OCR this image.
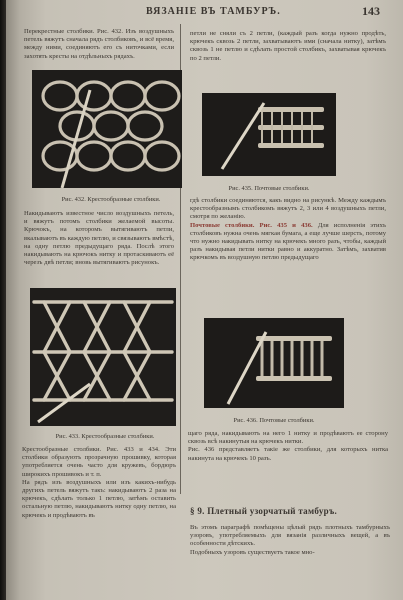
ВЯЗАНІЕ ВЪ ТАМБУРЪ.	143

Перекрестные столбики. Рис. 432. Изъ воздушныхъ петель вяжутъ сначала рядъ столбиковъ, и всё время, между ними, соединяютъ его съ ниточками, если захотять кресты на отдѣльныхъ рядахъ.

Рис. 432. Крестообразные столбики.

Накидываютъ известное число воздушныхъ петель, и вяжутъ потомъ столбики желаемой высоты. Крючокъ, на которомъ вытягиваютъ петли, вкалываютъ въ каждую петлю, и связываютъ вмѣстѣ, на одну петлю предыдущаго ряда. Послѣ этого накидываютъ на крючокъ нитку и протаскиваютъ её черезъ двѣ петли; вновь вытягиваютъ рисунокъ.

Рис. 433. Крестообразные столбики.

Крестообразные столбики. Рис. 433 и 434. Эти столбики образуютъ прозрачную прошивку, которая употребляется очень часто для кружевъ, бордюръ широкихъ прошивокъ и т. п.

На рядъ изъ воздушныхъ или изъ какихъ-нибудь другихъ петель вяжутъ такъ: накидываютъ 2 раза на крючекъ, сдѣлать только 1 петлю, затѣмъ оставить остальную петлю, накидываютъ нитку одну петлю, на крючекъ и продѣваютъ въ

петли не сняли съ 2 петли, (каждый разъ когда нужно продѣть, крючекъ сквозь 2 петли, захватываютъ ими (сначала нитку), затѣмъ сквозь 1 не петлю и сдѣлать простой столбикъ, захватывая крючекъ по 2 петли.

Рис. 435. Почтовые столбики.

гдѣ столбики соединяются, какъ видно на рисункѣ. Между каждымъ крестообразнымъ столбикомъ вяжутъ 2, 3 или 4 воздушныхъ петли, смотря по желанію.

Почтовые столбики. Рис. 435 и 436. Для исполненія этихъ столбиковъ нужна очень мягкая бумага, а еще лучше шерсть, потому что нужно накидывать нитку на крючекъ много разъ, чтобы, каждый разъ накидывая петли нитки равно и аккуратно. Затѣмъ, захватив крючкомъ въ воздушную петлю предыдущаго

Рис. 436. Почтовые столбики.

щаго ряда, накидываютъ на него 1 нитку и продѣваютъ ее сторону сквозь всѣ накинутыя на крючекъ нитки.

Рис. 436 представляетъ такіе же столбики, для которыхъ нитка накинута на крючекъ 10 разъ.

§ 9. Плетный узорчатый тамбуръ.

Въ этомъ параграфѣ помѣщены цѣлый рядъ плотныхъ тамбурныхъ узоровъ, употребляемыхъ для вязанія различныхъ вещей, а въ особенности дѣтскихъ.

Подобныхъ узоровъ существуетъ такое мно-
